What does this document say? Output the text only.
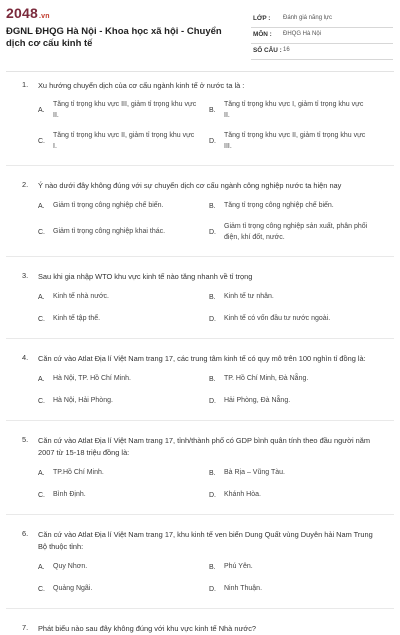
2048.vn
ĐGNL ĐHQG Hà Nội - Khoa học xã hội - Chuyển dịch cơ cấu kinh tế
LỚP : Đánh giá năng lực
MÔN : ĐHQG Hà Nội
SỐ CÂU : 16
1. Xu hướng chuyển dịch của cơ cấu ngành kinh tế ở nước ta là :
A.
Tăng tỉ trọng khu vực III, giảm tỉ trọng khu vực II.
B.
Tăng tỉ trọng khu vực I, giảm tỉ trọng khu vực II.
C.
Tăng tỉ trọng khu vực II, giảm tỉ trọng khu vực I.
D.
Tăng tỉ trọng khu vực II, giảm tỉ trọng khu vực III.
2. Ý nào dưới đây không đúng với sự chuyển dịch cơ cấu ngành công nghiệp nước ta hiện nay
A.	Giảm tỉ trọng công nghiệp chế biến.	B.	Tăng tỉ trọng công nghiệp chế biến.
C.	Giảm tỉ trọng công nghiệp khai thác.	D.
Giảm tỉ trọng công nghiệp sản xuất, phân phối điện, khí đốt, nước.
3. Sau khi gia nhập WTO khu vực kinh tế nào tăng nhanh về tỉ trọng
A.	Kinh tế nhà nước.	B.	Kinh tế tư nhân.
C.	Kinh tế tập thể.	D.	Kinh tế có vốn đầu tư nước ngoài.
4. Căn cứ vào Atlat Địa lí Việt Nam trang 17, các trung tâm kinh tế có quy mô trên 100 nghìn tỉ đồng là:
A.	Hà Nội, TP. Hồ Chí Minh.	B.	TP. Hồ Chí Minh, Đà Nẵng.
C.	Hà Nội, Hải Phòng.	D.	Hải Phòng, Đà Nẵng.
5. Căn cứ vào Atlat Địa lí Việt Nam trang 17, tỉnh/thành phố có GDP bình quân tính theo đầu người năm 2007 từ 15-18 triệu đồng là:
A.	TP.Hồ Chí Minh.	B.	Bà Rịa – Vũng Tàu.
C.	Bình Định.	D.	Khánh Hòa.
6. Căn cứ vào Atlat Địa lí Việt Nam trang 17, khu kinh tế ven biển Dung Quất vùng Duyên hải Nam Trung Bộ thuộc tỉnh:
A.	Quy Nhơn.	B.	Phú Yên.
C.	Quảng Ngãi.	D.	Ninh Thuận.
7. Phát biểu nào sau đây không đúng với khu vực kinh tế Nhà nước?
